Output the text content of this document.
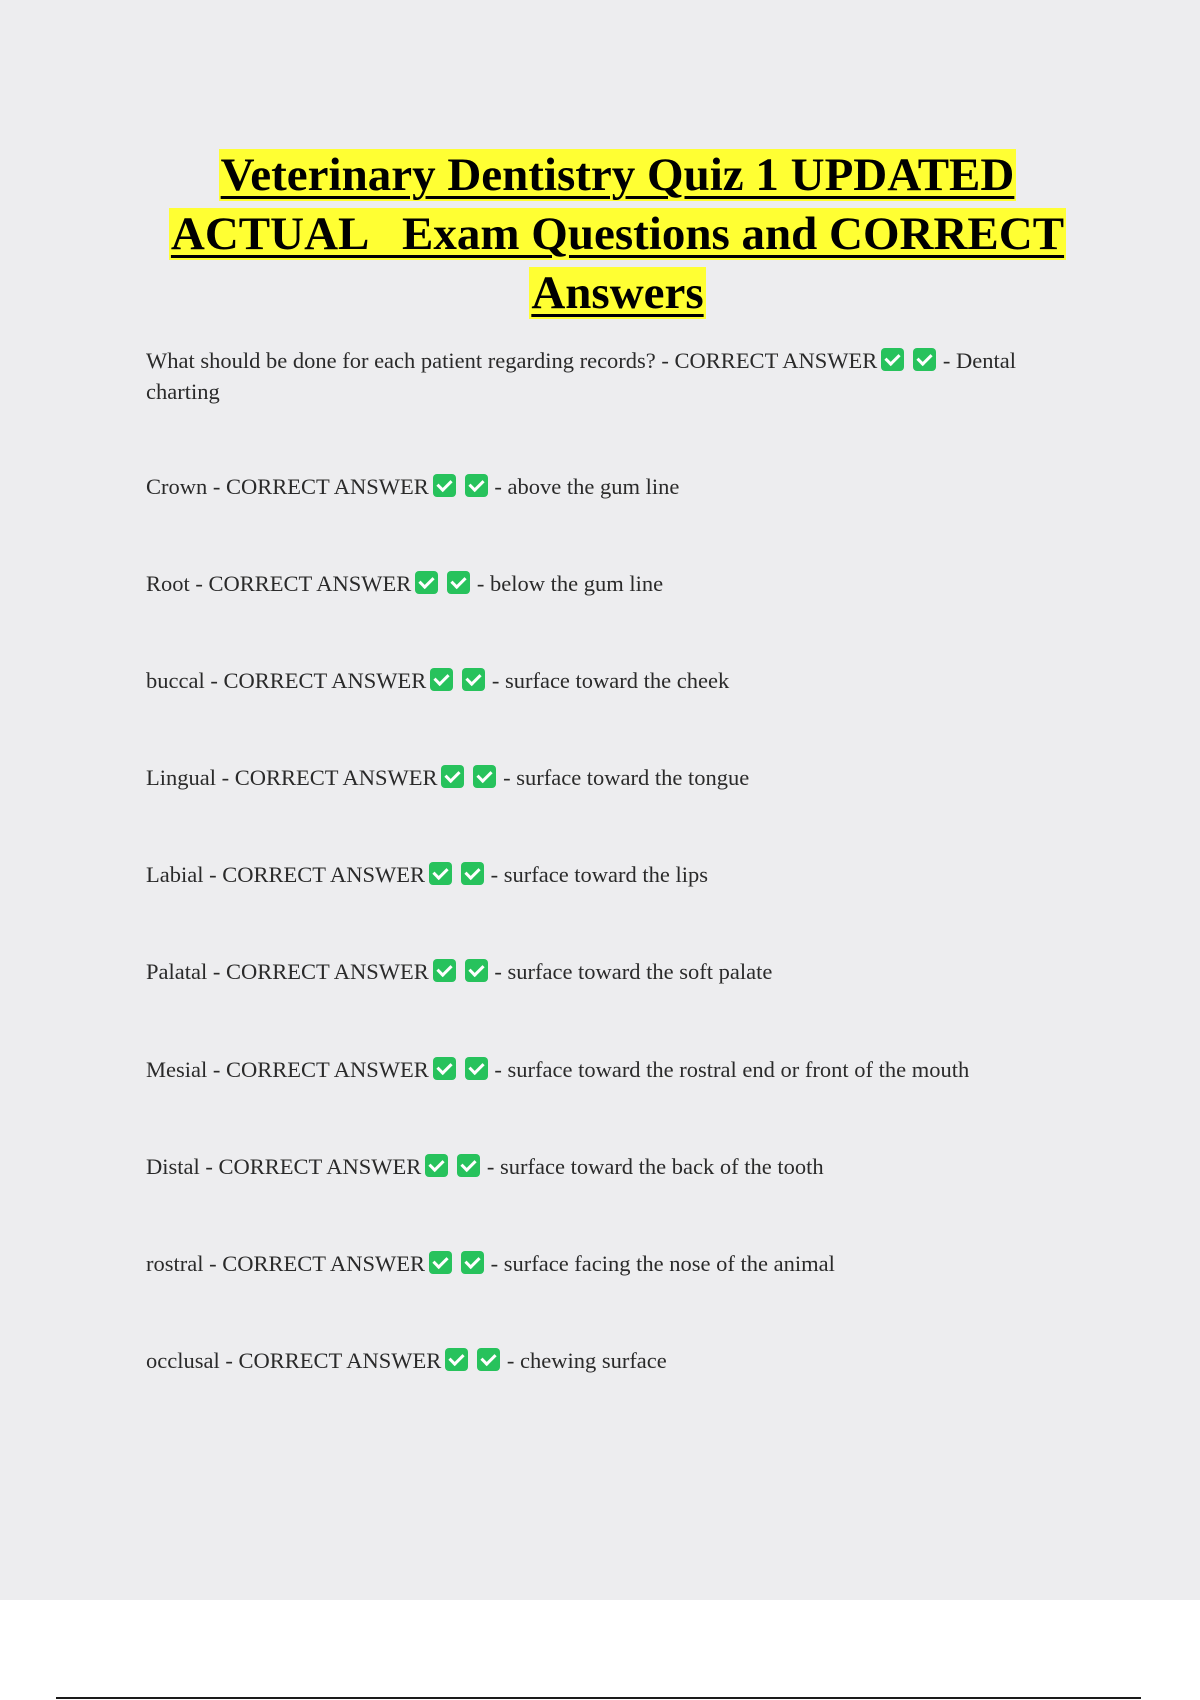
Veterinary Dentistry Quiz 1 UPDATED
ACTUAL   Exam Questions and CORRECT
Answers

What should be done for each patient regarding records? - CORRECT ANSWER	- Dental charting

Crown - CORRECT ANSWER	- above the gum line

Root - CORRECT ANSWER	- below the gum line

buccal - CORRECT ANSWER	- surface toward the cheek

Lingual - CORRECT ANSWER	- surface toward the tongue

Labial - CORRECT ANSWER	- surface toward the lips

Palatal - CORRECT ANSWER	- surface toward the soft palate

Mesial - CORRECT ANSWER	- surface toward the rostral end or front of the mouth

Distal - CORRECT ANSWER	- surface toward the back of the tooth

rostral - CORRECT ANSWER	- surface facing the nose of the animal

occlusal - CORRECT ANSWER	- chewing surface
